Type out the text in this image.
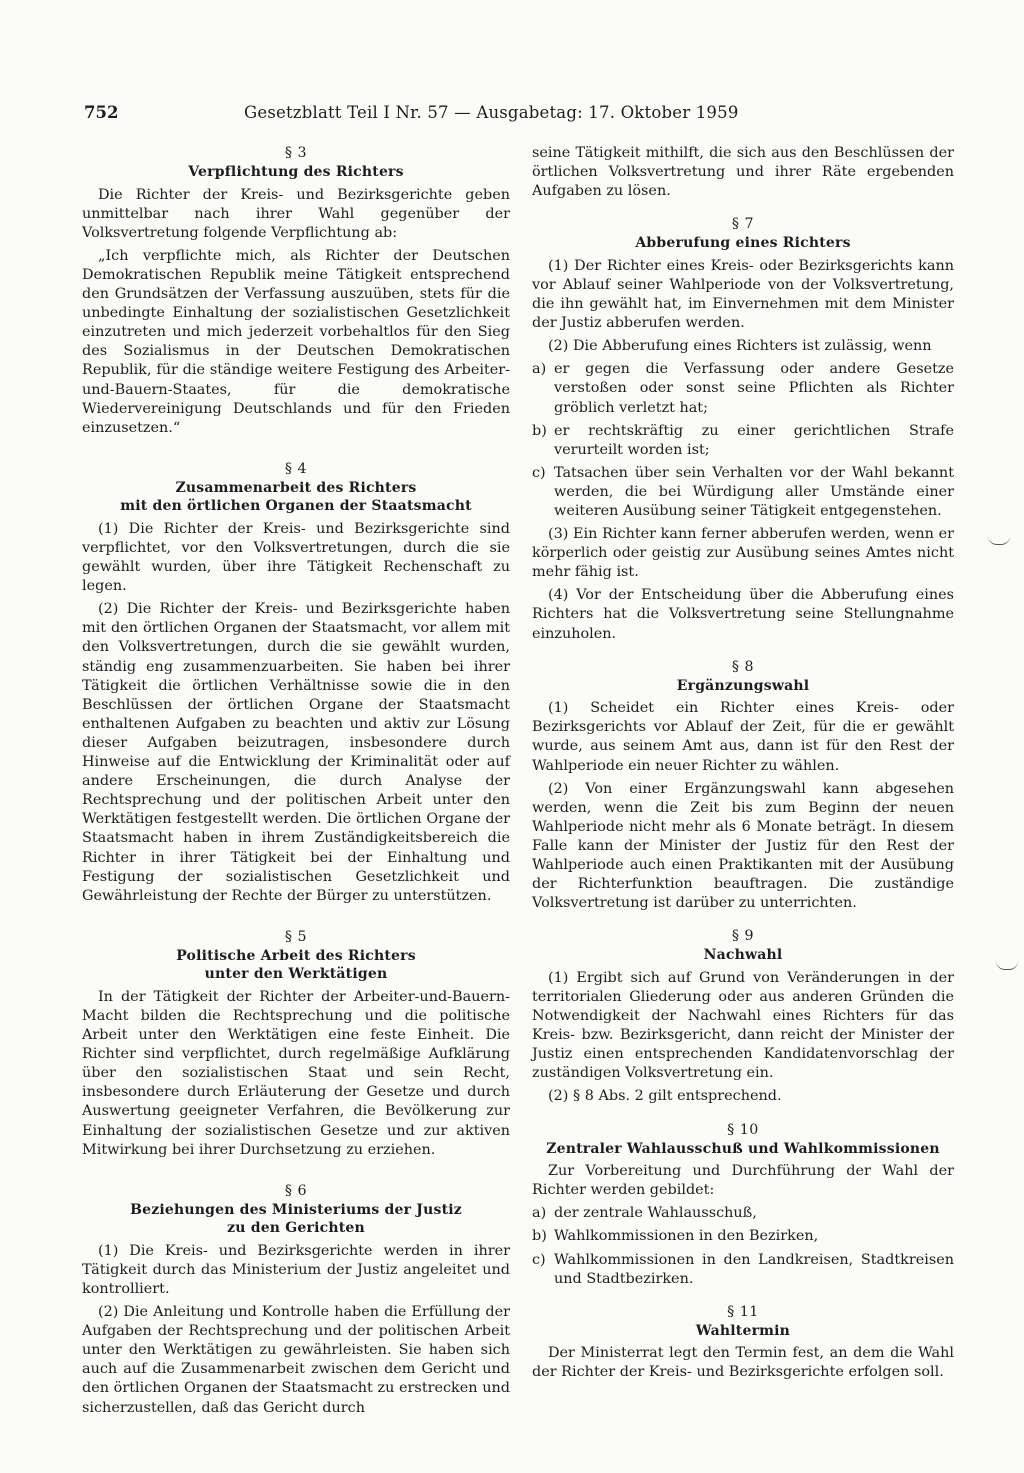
752	Gesetzblatt Teil I Nr. 57 — Ausgabetag: 17. Oktober 1959

§ 3

Verpflichtung des Richters

Die Richter der Kreis- und Bezirksgerichte geben unmittelbar nach ihrer Wahl gegenüber der Volksvertretung folgende Verpflichtung ab:

„Ich verpflichte mich, als Richter der Deutschen Demokratischen Republik meine Tätigkeit entsprechend den Grundsätzen der Verfassung auszuüben, stets für die unbedingte Einhaltung der sozialistischen Gesetzlichkeit einzutreten und mich jederzeit vorbehaltlos für den Sieg des Sozialismus in der Deutschen Demokratischen Republik, für die ständige weitere Festigung des Arbeiter-und-Bauern-Staates, für die demokratische Wiedervereinigung Deutschlands und für den Frieden einzusetzen.“

§ 4

Zusammenarbeit des Richters
mit den örtlichen Organen der Staatsmacht

(1) Die Richter der Kreis- und Bezirksgerichte sind verpflichtet, vor den Volksvertretungen, durch die sie gewählt wurden, über ihre Tätigkeit Rechenschaft zu legen.

(2) Die Richter der Kreis- und Bezirksgerichte haben mit den örtlichen Organen der Staatsmacht, vor allem mit den Volksvertretungen, durch die sie gewählt wurden, ständig eng zusammenzuarbeiten. Sie haben bei ihrer Tätigkeit die örtlichen Verhältnisse sowie die in den Beschlüssen der örtlichen Organe der Staatsmacht enthaltenen Aufgaben zu beachten und aktiv zur Lösung dieser Aufgaben beizutragen, insbesondere durch Hinweise auf die Entwicklung der Kriminalität oder auf andere Erscheinungen, die durch Analyse der Rechtsprechung und der politischen Arbeit unter den Werktätigen festgestellt werden. Die örtlichen Organe der Staatsmacht haben in ihrem Zuständigkeitsbereich die Richter in ihrer Tätigkeit bei der Einhaltung und Festigung der sozialistischen Gesetzlichkeit und Gewährleistung der Rechte der Bürger zu unterstützen.

§ 5

Politische Arbeit des Richters
unter den Werktätigen

In der Tätigkeit der Richter der Arbeiter-und-Bauern-Macht bilden die Rechtsprechung und die politische Arbeit unter den Werktätigen eine feste Einheit. Die Richter sind verpflichtet, durch regelmäßige Aufklärung über den sozialistischen Staat und sein Recht, insbesondere durch Erläuterung der Gesetze und durch Auswertung geeigneter Verfahren, die Bevölkerung zur Einhaltung der sozialistischen Gesetze und zur aktiven Mitwirkung bei ihrer Durchsetzung zu erziehen.

§ 6

Beziehungen des Ministeriums der Justiz
zu den Gerichten

(1) Die Kreis- und Bezirksgerichte werden in ihrer Tätigkeit durch das Ministerium der Justiz angeleitet und kontrolliert.

(2) Die Anleitung und Kontrolle haben die Erfüllung der Aufgaben der Rechtsprechung und der politischen Arbeit unter den Werktätigen zu gewährleisten. Sie haben sich auch auf die Zusammenarbeit zwischen dem Gericht und den örtlichen Organen der Staatsmacht zu erstrecken und sicherzustellen, daß das Gericht durch

seine Tätigkeit mithilft, die sich aus den Beschlüssen der örtlichen Volksvertretung und ihrer Räte ergebenden Aufgaben zu lösen.

§ 7

Abberufung eines Richters

(1) Der Richter eines Kreis- oder Bezirksgerichts kann vor Ablauf seiner Wahlperiode von der Volksvertretung, die ihn gewählt hat, im Einvernehmen mit dem Minister der Justiz abberufen werden.

(2) Die Abberufung eines Richters ist zulässig, wenn

a) er gegen die Verfassung oder andere Gesetze verstoßen oder sonst seine Pflichten als Richter gröblich verletzt hat;
b) er rechtskräftig zu einer gerichtlichen Strafe verurteilt worden ist;
c) Tatsachen über sein Verhalten vor der Wahl bekannt werden, die bei Würdigung aller Umstände einer weiteren Ausübung seiner Tätigkeit entgegenstehen.

(3) Ein Richter kann ferner abberufen werden, wenn er körperlich oder geistig zur Ausübung seines Amtes nicht mehr fähig ist.

(4) Vor der Entscheidung über die Abberufung eines Richters hat die Volksvertretung seine Stellungnahme einzuholen.

§ 8

Ergänzungswahl

(1) Scheidet ein Richter eines Kreis- oder Bezirksgerichts vor Ablauf der Zeit, für die er gewählt wurde, aus seinem Amt aus, dann ist für den Rest der Wahlperiode ein neuer Richter zu wählen.

(2) Von einer Ergänzungswahl kann abgesehen werden, wenn die Zeit bis zum Beginn der neuen Wahlperiode nicht mehr als 6 Monate beträgt. In diesem Falle kann der Minister der Justiz für den Rest der Wahlperiode auch einen Praktikanten mit der Ausübung der Richterfunktion beauftragen. Die zuständige Volksvertretung ist darüber zu unterrichten.

§ 9

Nachwahl

(1) Ergibt sich auf Grund von Veränderungen in der territorialen Gliederung oder aus anderen Gründen die Notwendigkeit der Nachwahl eines Richters für das Kreis- bzw. Bezirksgericht, dann reicht der Minister der Justiz einen entsprechenden Kandidatenvorschlag der zuständigen Volksvertretung ein.

(2) § 8 Abs. 2 gilt entsprechend.

§ 10

Zentraler Wahlausschuß und Wahlkommissionen

Zur Vorbereitung und Durchführung der Wahl der Richter werden gebildet:

a) der zentrale Wahlausschuß,
b) Wahlkommissionen in den Bezirken,
c) Wahlkommissionen in den Landkreisen, Stadtkreisen und Stadtbezirken.

§ 11

Wahltermin

Der Ministerrat legt den Termin fest, an dem die Wahl der Richter der Kreis- und Bezirksgerichte erfolgen soll.
